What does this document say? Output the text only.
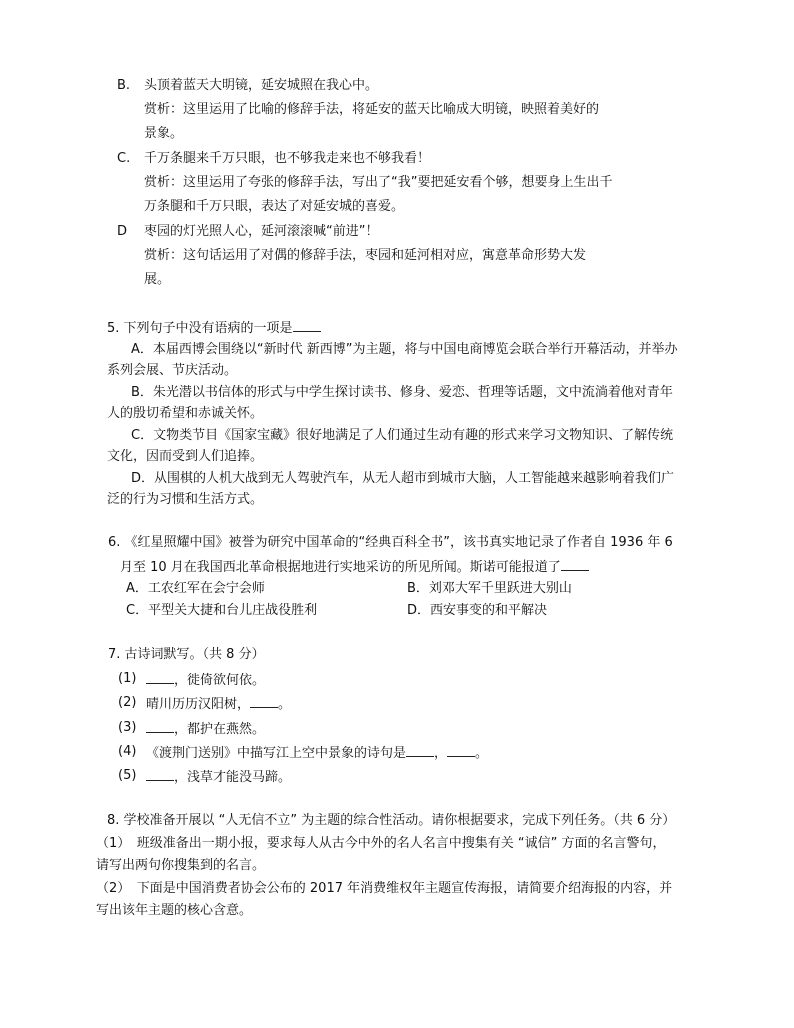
B. 头顶着蓝天大明镜，延安城照在我心中。
赏析：这里运用了比喻的修辞手法，将延安的蓝天比喻成大明镜，映照着美好的
景象。
C. 千万条腿来千万只眼，也不够我走来也不够我看！
赏析：这里运用了夸张的修辞手法，写出了“我”要把延安看个够，想要身上生出千
万条腿和千万只眼，表达了对延安城的喜爱。
D 枣园的灯光照人心，延河滚滚喊“前进”！
赏析：这句话运用了对偶的修辞手法，枣园和延河相对应，寓意革命形势大发
展。
5. 下列句子中没有语病的一项是
A．本届西博会围绕以“新时代 新西博”为主题，将与中国电商博览会联合举行开幕活动，并举办
系列会展、节庆活动。
B．朱光潜以书信体的形式与中学生探讨读书、修身、爱恋、哲理等话题，文中流淌着他对青年
人的殷切希望和赤诚关怀。
C．文物类节目《国家宝藏》很好地满足了人们通过生动有趣的形式来学习文物知识、了解传统
文化，因而受到人们追捧。
D．从围棋的人机大战到无人驾驶汽车，从无人超市到城市大脑，人工智能越来越影响着我们广
泛的行为习惯和生活方式。
6. 《红星照耀中国》被誉为研究中国革命的“经典百科全书”，该书真实地记录了作者自 1936 年 6
月至 10 月在我国西北革命根据地进行实地采访的所见所闻。斯诺可能报道了
A．工农红军在会宁会师	B．刘邓大军千里跃进大别山
C．平型关大捷和台儿庄战役胜利	D．西安事变的和平解决
7. 古诗词默写。（共 8 分）
(1)	，徙倚欲何依。
(2) 晴川历历汉阳树， 。
(3)	，都护在燕然。
(4) 《渡荆门送别》中描写江上空中景象的诗句是 ， 。
(5)	，浅草才能没马蹄。
8. 学校准备开展以 “人无信不立” 为主题的综合性活动。请你根据要求，完成下列任务。（共 6 分）
（1）　班级准备出一期小报，要求每人从古今中外的名人名言中搜集有关 “诚信” 方面的名言警句，
请写出两句你搜集到的名言。
（2）　下面是中国消费者协会公布的 2017 年消费维权年主题宣传海报，请简要介绍海报的内容，并
写出该年主题的核心含意。
